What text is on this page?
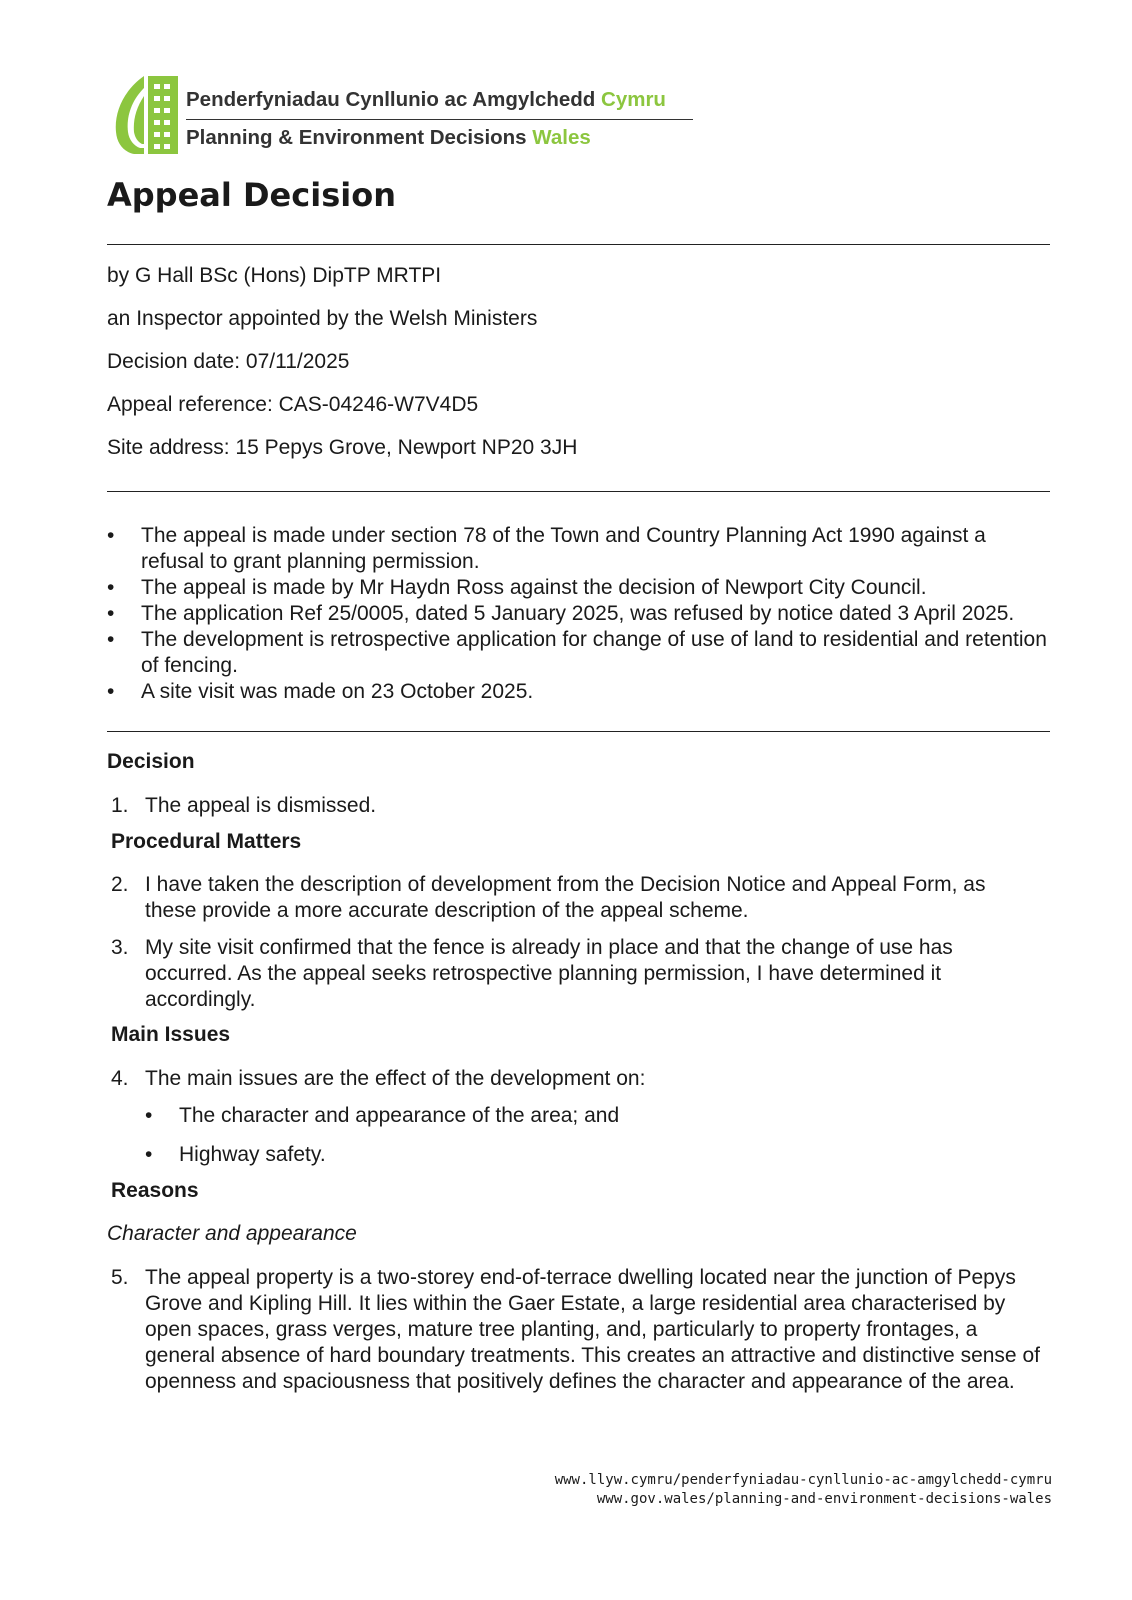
Penderfyniadau Cynllunio ac Amgylchedd Cymru
Planning & Environment Decisions Wales
Appeal Decision
by G Hall BSc (Hons) DipTP MRTPI
an Inspector appointed by the Welsh Ministers
Decision date: 07/11/2025
Appeal reference: CAS-04246-W7V4D5
Site address: 15 Pepys Grove, Newport NP20 3JH
• The appeal is made under section 78 of the Town and Country Planning Act 1990 against a refusal to grant planning permission.
• The appeal is made by Mr Haydn Ross against the decision of Newport City Council.
• The application Ref 25/0005, dated 5 January 2025, was refused by notice dated 3 April 2025.
• The development is retrospective application for change of use of land to residential and retention of fencing.
• A site visit was made on 23 October 2025.
Decision
1. The appeal is dismissed.
Procedural Matters
2. I have taken the description of development from the Decision Notice and Appeal Form, as these provide a more accurate description of the appeal scheme.
3. My site visit confirmed that the fence is already in place and that the change of use has occurred. As the appeal seeks retrospective planning permission, I have determined it accordingly.
Main Issues
4. The main issues are the effect of the development on:
• The character and appearance of the area; and
• Highway safety.
Reasons
Character and appearance
5. The appeal property is a two-storey end-of-terrace dwelling located near the junction of Pepys Grove and Kipling Hill. It lies within the Gaer Estate, a large residential area characterised by open spaces, grass verges, mature tree planting, and, particularly to property frontages, a general absence of hard boundary treatments. This creates an attractive and distinctive sense of openness and spaciousness that positively defines the character and appearance of the area.
www.llyw.cymru/penderfyniadau-cynllunio-ac-amgylchedd-cymru
www.gov.wales/planning-and-environment-decisions-wales
